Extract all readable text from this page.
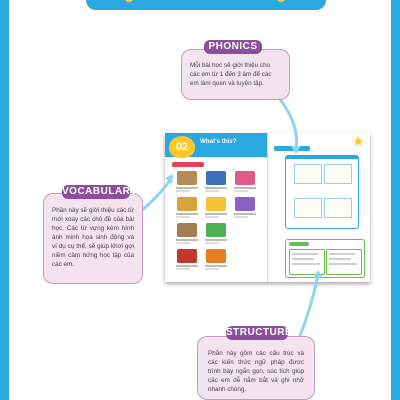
02	What's this?	★
PHONICS

Mỗi bài học sẽ giới thiệu cho các em từ 1 đến 3 âm để các em làm quen và luyện tập.

VOCABULARY

Phần này sẽ giới thiệu các từ mới xoay các chủ đề của bài học. Các từ vựng kèm hình ảnh minh họa sinh động và ví dụ cụ thể, sẽ giúp khơi gợi niềm cảm hứng học tập của các em.

STRUCTURE

Phần này gồm các cấu trúc và các kiến thức ngữ pháp được trình bày ngắn gọn, súc tích giúp các em dễ nắm bắt và ghi nhớ nhanh chóng.
